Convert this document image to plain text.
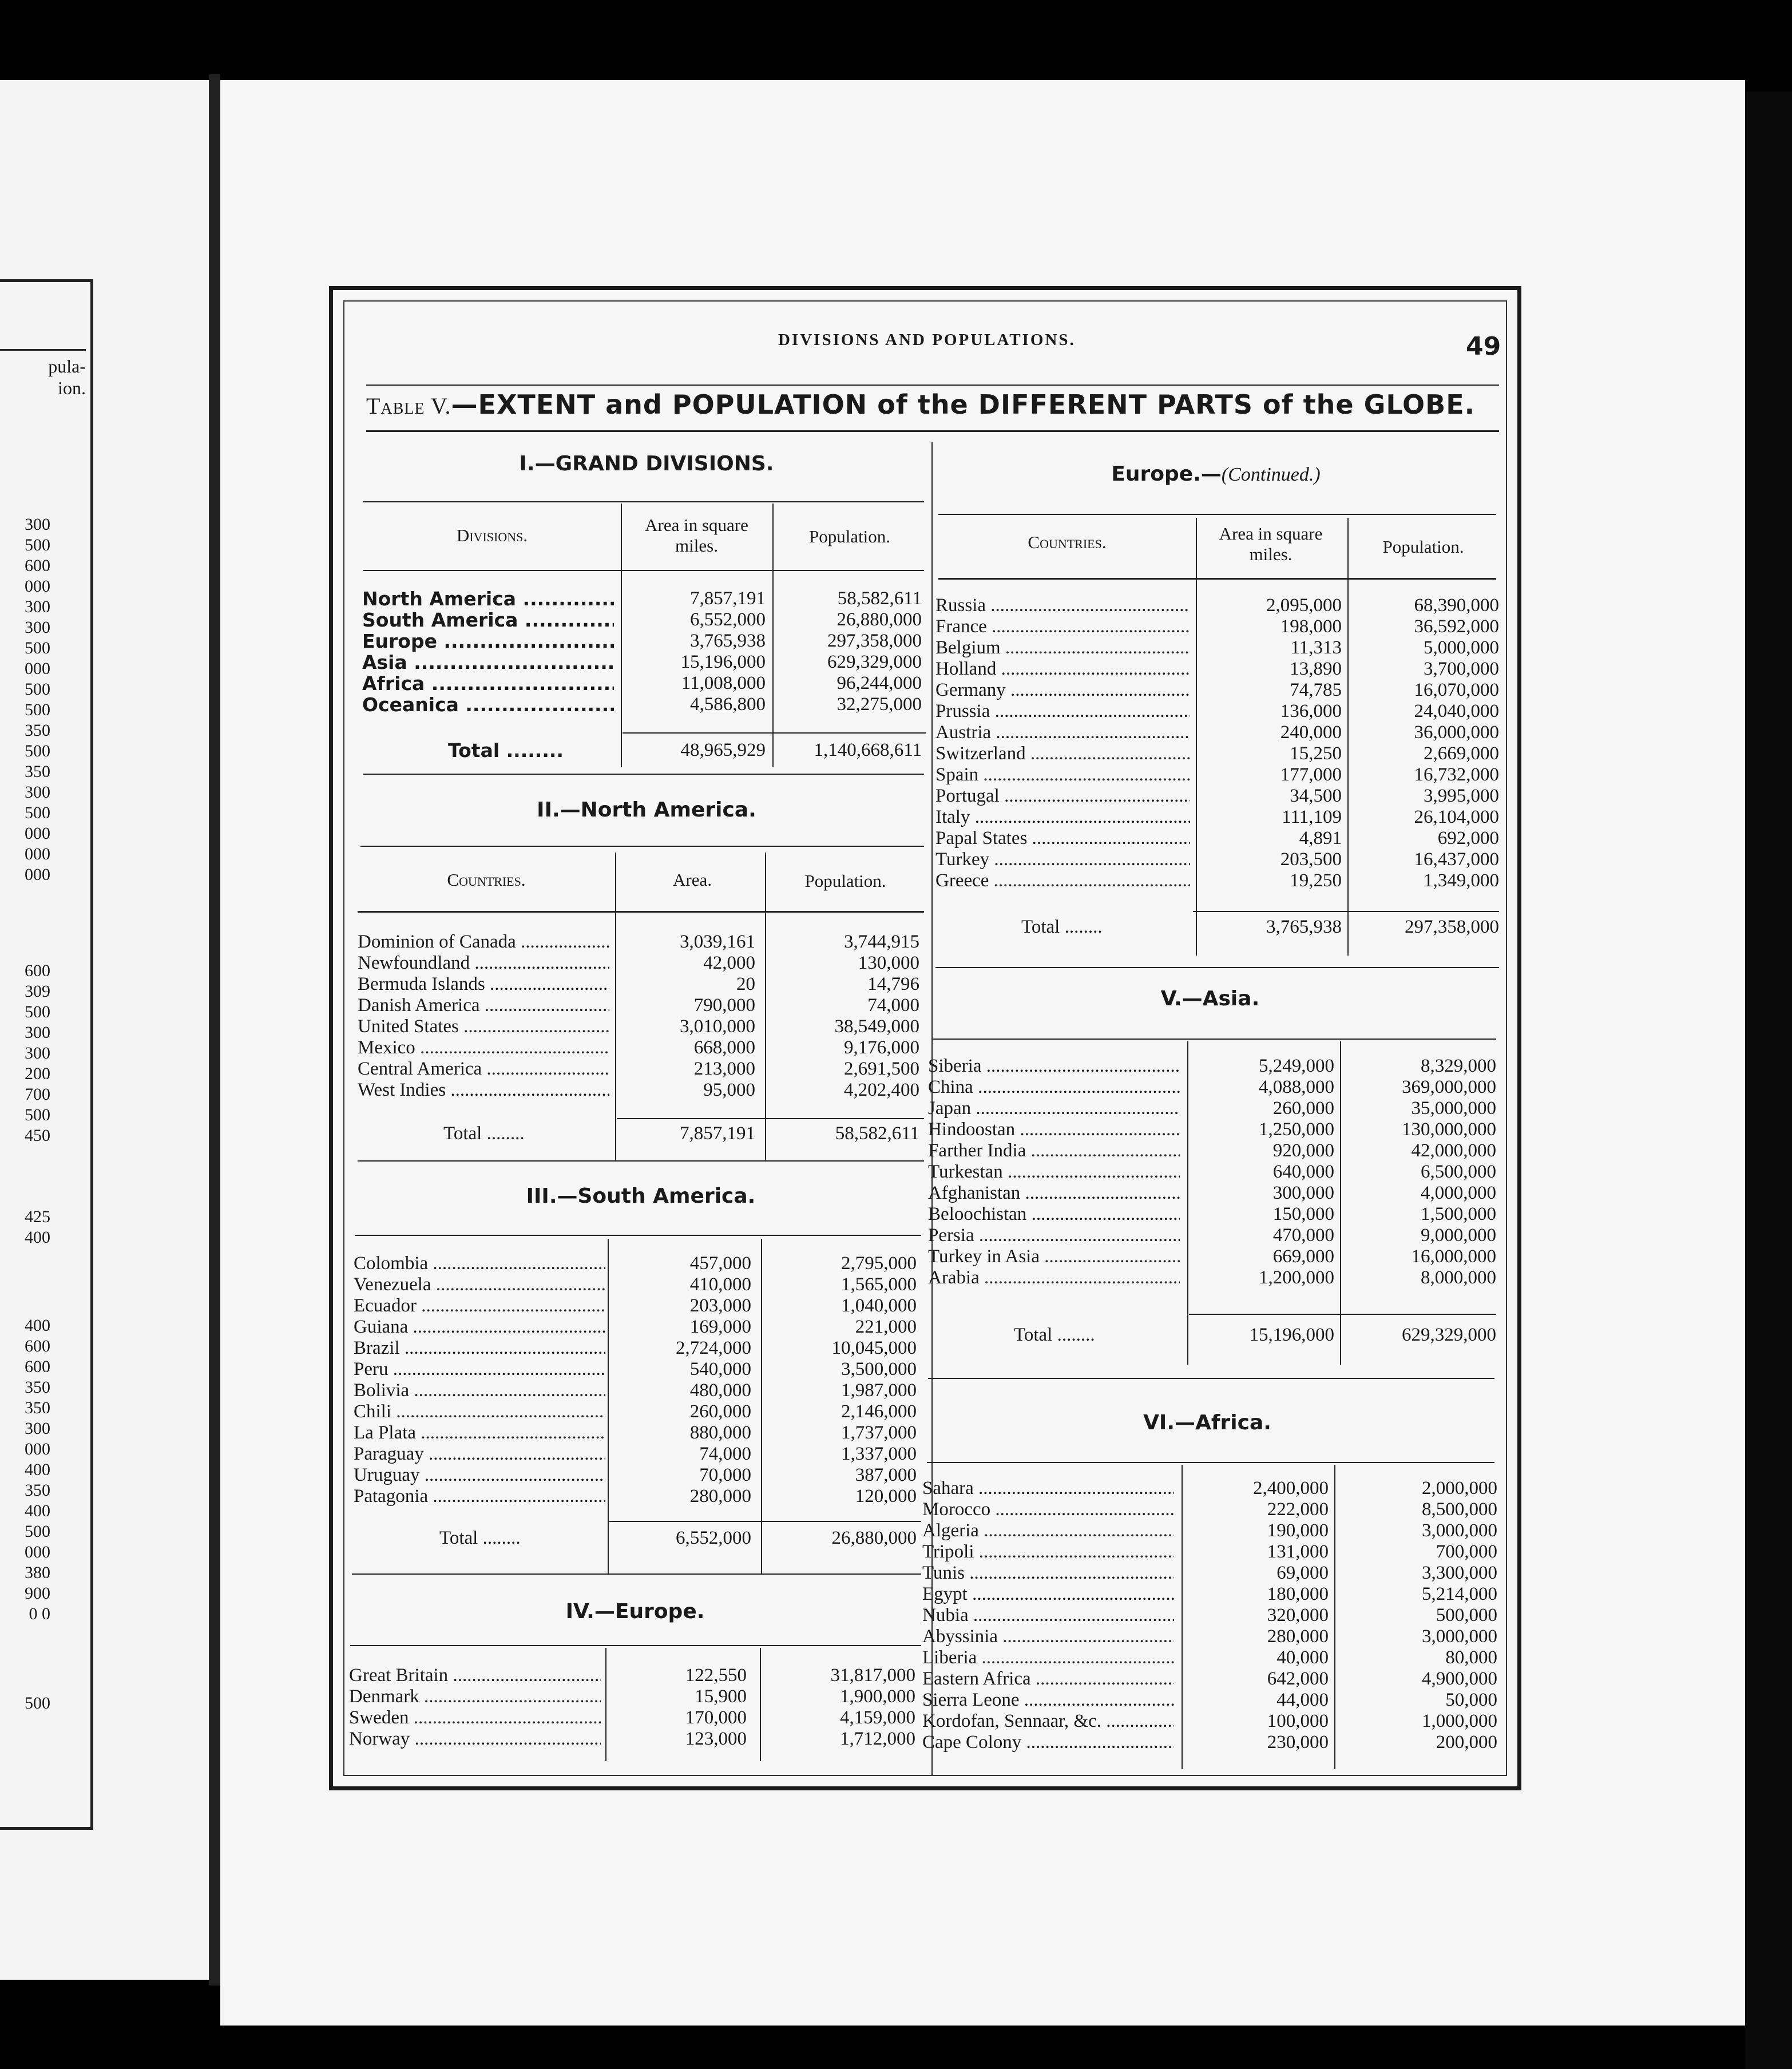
pula-
ion.
300
500
600
000
300
300
500
000
500
500
350
500
350
300
500
000
000
000
600
309
500
300
300
200
700
500
450
425
400
400
600
600
350
350
300
000
400
350
400
500
000
380
900
0 0
500
DIVISIONS AND POPULATIONS.	49
Table V.—EXTENT and POPULATION of the DIFFERENT PARTS of the GLOBE.
I.—GRAND DIVISIONS.
Divisions.
Area in square miles.	Population.
North America .....	7,857,191	58,582,611
South America .....	6,552,000	26,880,000
Europe .....	3,765,938	297,358,000
Asia .....	15,196,000	629,329,000
Africa .....	11,008,000	96,244,000
Oceanica .....	4,586,800	32,275,000
Total .....	48,965,929	1,140,668,611
II.—North America.
Countries.	Area.	Population.
Dominion of Canada .....	3,039,161	3,744,915
Newfoundland .....	42,000	130,000
Bermuda Islands .....	20	14,796
Danish America .....	790,000	74,000
United States .....	3,010,000	38,549,000
Mexico .....	668,000	9,176,000
Central America .....	213,000	2,691,500
West Indies .....	95,000	4,202,400
Total .....	7,857,191	58,582,611
III.—South America.
Colombia .....	457,000	2,795,000
Venezuela .....	410,000	1,565,000
Ecuador .....	203,000	1,040,000
Guiana .....	169,000	221,000
Brazil .....	2,724,000	10,045,000
Peru .....	540,000	3,500,000
Bolivia .....	480,000	1,987,000
Chili .....	260,000	2,146,000
La Plata .....	880,000	1,737,000
Paraguay .....	74,000	1,337,000
Uruguay .....	70,000	387,000
Patagonia .....	280,000	120,000
Total .....	6,552,000	26,880,000
IV.—Europe.
Great Britain .....	122,550	31,817,000
Denmark .....	15,900	1,900,000
Sweden .....	170,000	4,159,000
Norway .....	123,000	1,712,000
Europe.—(Continued.)
Countries.	Area in square miles.	Population.
Russia .....	2,095,000	68,390,000
France .....	198,000	36,592,000
Belgium .....	11,313	5,000,000
Holland .....	13,890	3,700,000
Germany .....	74,785	16,070,000
Prussia .....	136,000	24,040,000
Austria .....	240,000	36,000,000
Switzerland .....	15,250	2,669,000
Spain .....	177,000	16,732,000
Portugal .....	34,500	3,995,000
Italy .....	111,109	26,104,000
Papal States .....	4,891	692,000
Turkey .....	203,500	16,437,000
Greece .....	19,250	1,349,000
Total .....	3,765,938	297,358,000
V.—Asia.
Siberia .....	5,249,000	8,329,000
China .....	4,088,000	369,000,000
Japan .....	260,000	35,000,000
Hindoostan .....	1,250,000	130,000,000
Farther India .....	920,000	42,000,000
Turkestan .....	640,000	6,500,000
Afghanistan .....	300,000	4,000,000
Beloochistan .....	150,000	1,500,000
Persia .....	470,000	9,000,000
Turkey in Asia .....	669,000	16,000,000
Arabia .....	1,200,000	8,000,000
Total .....	15,196,000	629,329,000
VI.—Africa.
Sahara .....	2,400,000	2,000,000
Morocco .....	222,000	8,500,000
Algeria .....	190,000	3,000,000
Tripoli .....	131,000	700,000
Tunis .....	69,000	3,300,000
Egypt .....	180,000	5,214,000
Nubia .....	320,000	500,000
Abyssinia .....	280,000	3,000,000
Liberia .....	40,000	80,000
Eastern Africa .....	642,000	4,900,000
Sierra Leone .....	44,000	50,000
Kordofan, Sennaar, &c. .....	100,000	1,000,000
Cape Colony .....	230,000	200,000
